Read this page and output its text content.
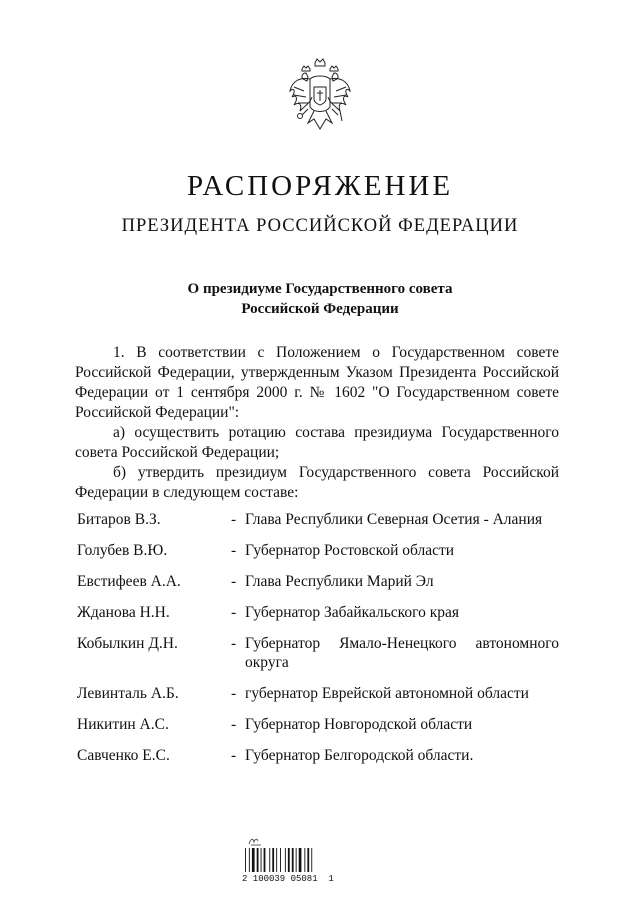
РАСПОРЯЖЕНИЕ
ПРЕЗИДЕНТА РОССИЙСКОЙ ФЕДЕРАЦИИ
О президиуме Государственного совета
Российской Федерации

1. В соответствии с Положением о Государственном совете Российской Федерации, утвержденным Указом Президента Российской Федерации от 1 сентября 2000 г. № 1602 "О Государственном совете Российской Федерации":

а) осуществить ротацию состава президиума Государственного совета Российской Федерации;

б) утвердить президиум Государственного совета Российской Федерации в следующем составе:

Битаров В.З.	- Глава Республики Северная Осетия - Алания
Голубев В.Ю.	- Губернатор Ростовской области
Евстифеев А.А.	- Глава Республики Марий Эл
Жданова Н.Н.	- Губернатор Забайкальского края
Кобылкин Д.Н.	- Губернатор Ямало-Ненецкого автономного округа
Левинталь А.Б.	- губернатор Еврейской автономной области
Никитин А.С.	- Губернатор Новгородской области
Савченко Е.С.	- Губернатор Белгородской области.
2 100039 05081  1
